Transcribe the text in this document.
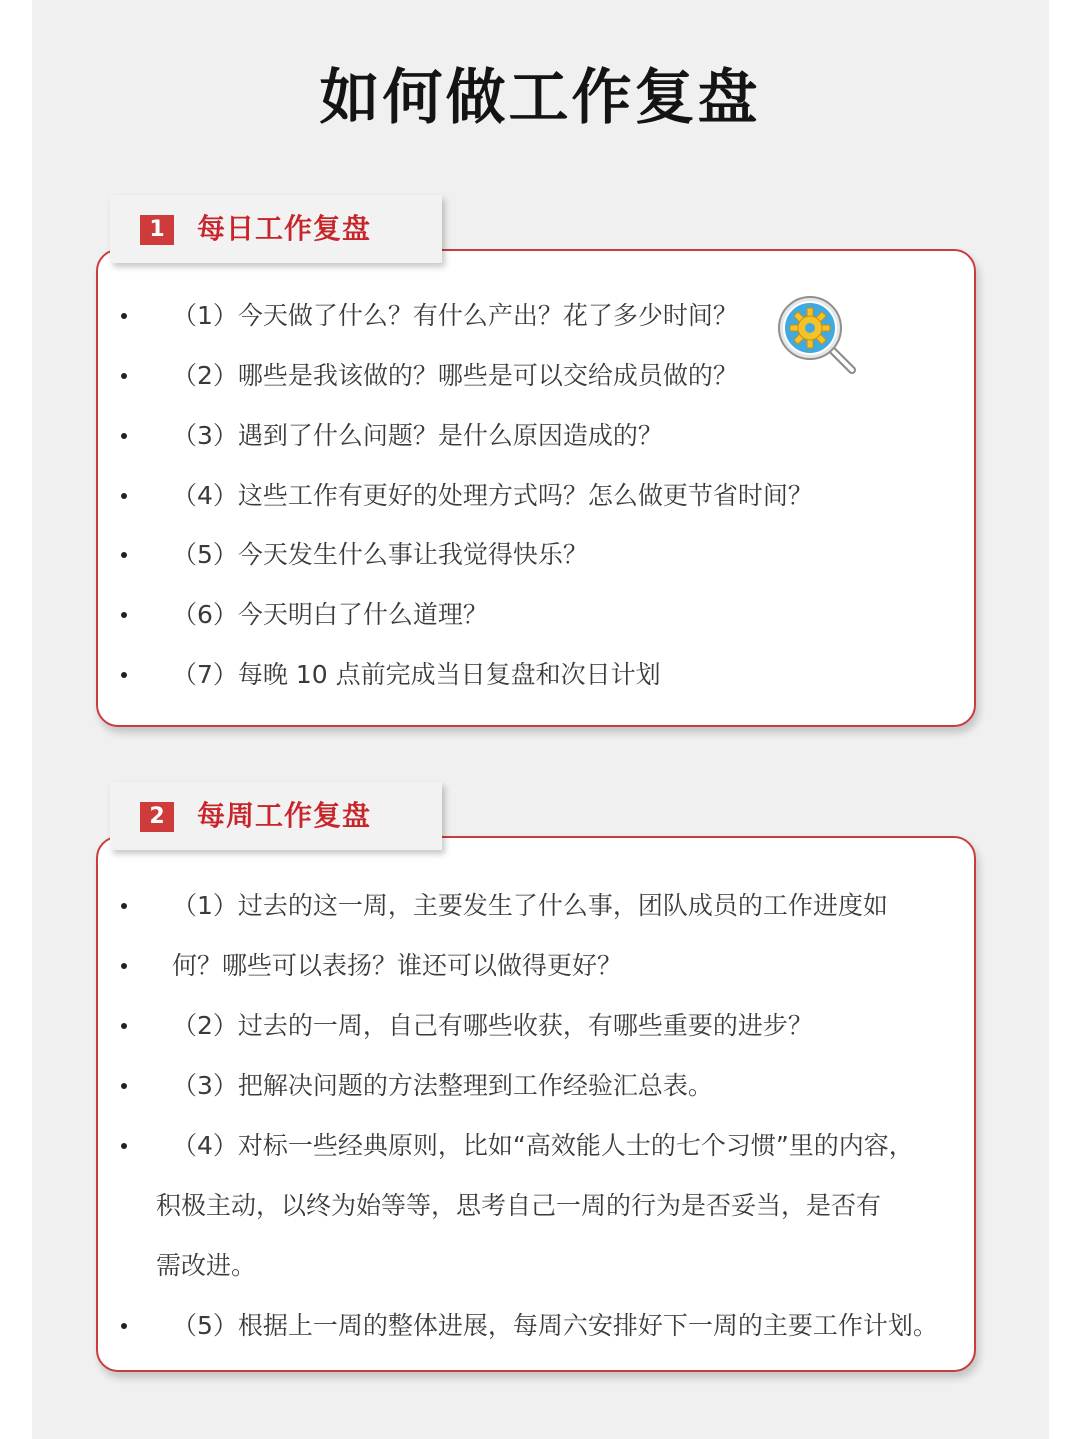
如何做工作复盘
1	每日工作复盘
（1）今天做了什么？有什么产出？花了多少时间？
（2）哪些是我该做的？哪些是可以交给成员做的？
（3）遇到了什么问题？是什么原因造成的？
（4）这些工作有更好的处理方式吗？怎么做更节省时间？
（5）今天发生什么事让我觉得快乐？
（6）今天明白了什么道理？
（7）每晚 10 点前完成当日复盘和次日计划
2	每周工作复盘
（1）过去的这一周，主要发生了什么事，团队成员的工作进度如
何？哪些可以表扬？谁还可以做得更好？
（2）过去的一周，自己有哪些收获，有哪些重要的进步？
（3）把解决问题的方法整理到工作经验汇总表。
（4）对标一些经典原则，比如“高效能人士的七个习惯”里的内容，
积极主动，以终为始等等，思考自己一周的行为是否妥当，是否有
需改进。
（5）根据上一周的整体进展，每周六安排好下一周的主要工作计划。
